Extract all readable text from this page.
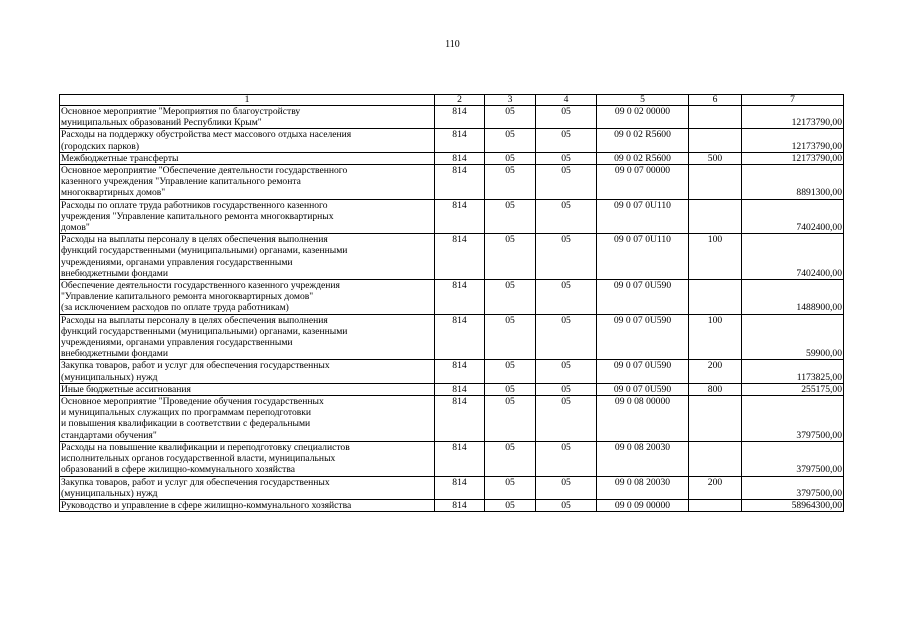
110
1	2	3	4	5	6	7
Основное мероприятие "Мероприятия по благоустройству
муниципальных образований Республики Крым"	814	05	05	09 0 02 00000		12173790,00
Расходы на поддержку обустройства мест массового отдыха населения
(городских парков)	814	05	05	09 0 02 R5600		12173790,00
Межбюджетные трансферты	814	05	05	09 0 02 R5600	500	12173790,00
Основное мероприятие "Обеспечение деятельности государственного
казенного учреждения "Управление капитального ремонта
многоквартирных домов"	814	05	05	09 0 07 00000		8891300,00
Расходы по оплате труда работников государственного казенного
учреждения "Управление капитального ремонта многоквартирных
домов"	814	05	05	09 0 07 0U110		7402400,00
Расходы на выплаты персоналу в целях обеспечения выполнения
функций государственными (муниципальными) органами, казенными
учреждениями, органами управления государственными
внебюджетными фондами	814	05	05	09 0 07 0U110	100	7402400,00
Обеспечение деятельности государственного казенного учреждения
"Управление капитального ремонта многоквартирных домов"
(за исключением расходов по оплате труда работникам)	814	05	05	09 0 07 0U590		1488900,00
Расходы на выплаты персоналу в целях обеспечения выполнения
функций государственными (муниципальными) органами, казенными
учреждениями, органами управления государственными
внебюджетными фондами	814	05	05	09 0 07 0U590	100	59900,00
Закупка товаров, работ и услуг для обеспечения государственных
(муниципальных) нужд	814	05	05	09 0 07 0U590	200	1173825,00
Иные бюджетные ассигнования	814	05	05	09 0 07 0U590	800	255175,00
Основное мероприятие "Проведение обучения государственных
и муниципальных служащих по программам переподготовки
и повышения квалификации в соответствии с федеральными
стандартами обучения"	814	05	05	09 0 08 00000		3797500,00
Расходы на повышение квалификации и переподготовку специалистов
исполнительных органов государственной власти, муниципальных
образований в сфере жилищно-коммунального хозяйства	814	05	05	09 0 08 20030		3797500,00
Закупка товаров, работ и услуг для обеспечения государственных
(муниципальных) нужд	814	05	05	09 0 08 20030	200	3797500,00
Руководство и управление в сфере жилищно-коммунального хозяйства	814	05	05	09 0 09 00000		58964300,00
